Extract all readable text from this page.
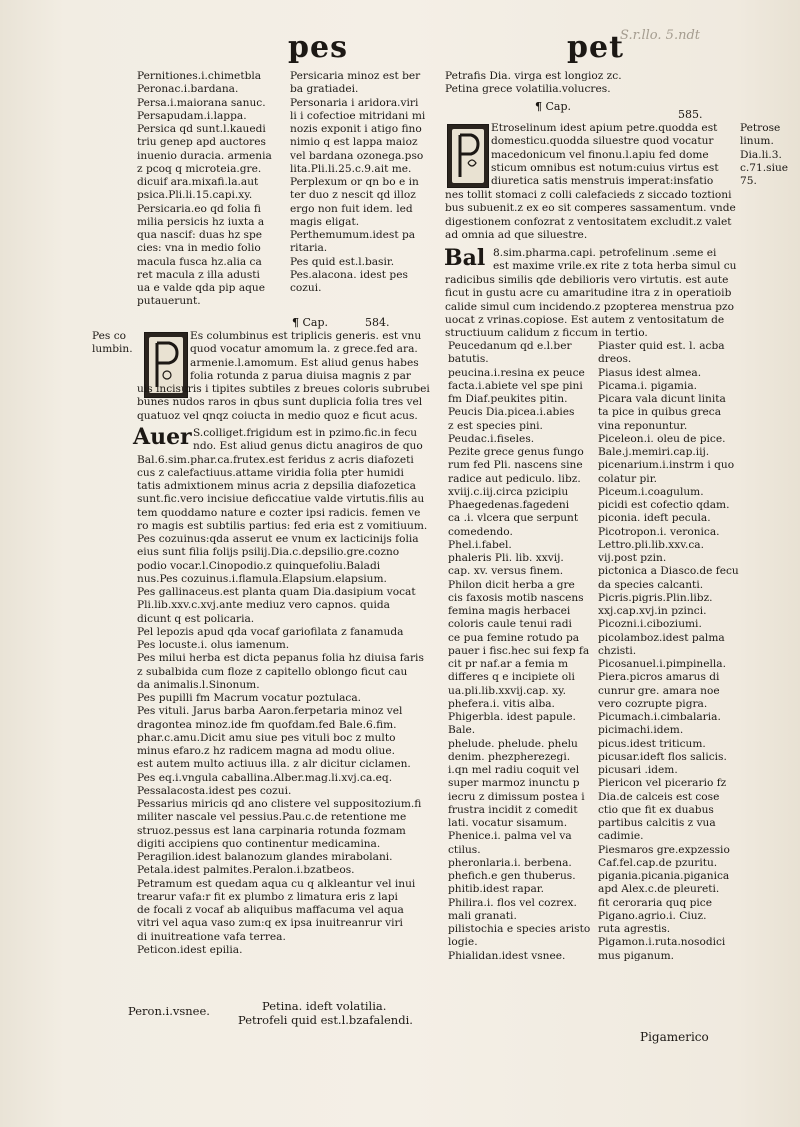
pes	pet
S.r.llo. 5.ndt
Pernitiones.i.chimetbla
Peronac.i.bardana.
Persa.i.maiorana sanuc.
Persapudam.i.lappa.
Persica qd sunt.l.kauedi
triu genep apd auctores
inuenio duracia. armenia
z pcoq q microteia.gre.
dicuif ara.mixafi.la.aut
psica.Pli.li.15.capi.xy.
Persicaria.eo qd folia fi
milia persicis hz iuxta a
qua nascif: duas hz spe
cies: vna in medio folio
macula fusca hz.alia ca
ret macula z illa adusti
ua e valde qda pip aque
putauerunt.
Persicaria minoz est ber
ba gratiadei.
Personaria i aridora.viri
li i cofectioe mitridani mi
nozis exponit i atigo fino
nimio q est lappa maioz
vel bardana ozonega.pso
lita.Pli.li.25.c.9.ait me.
Perplexum or qn bo e in
ter duo z nescit qd illoz
ergo non fuit idem. led
magis eligat.
Perthemumum.idest pa
ritaria.
Pes quid est.l.basir.
Pes.alacona. idest pes
cozui.
¶ Cap.	584.
Pes co
lumbin.
Es columbinus est triplicis generis. est vnu
quod vocatur amomum la. z grece.fed ara.
armenie.l.amomum. Est aliud genus habes
folia rotunda z parua diuisa magnis z par
uis incisuris i tipites subtiles z breues coloris subrubei
bunes nudos raros in qbus sunt duplicia folia tres vel
quatuoz vel qnqz coiucta in medio quoz e ficut acus.
Auer S.colliget.frigidum est in pzimo.fic.in fecu
ndo. Est aliud genus dictu anagiros de quo
Bal.6.sim.phar.ca.frutex.est feridus z acris diafozeti
cus z calefactiuus.attame viridia folia pter humidi
tatis admixtionem minus acria z depsilia diafozetica
sunt.fic.vero incisiue deficcatiue valde virtutis.filis au
tem quoddamo nature e cozter ipsi radicis. femen ve
ro magis est subtilis partius: fed eria est z vomitiuum.
Pes cozuinus:qda asserut ee vnum ex lacticinijs folia
eius sunt filia folijs psilij.Dia.c.depsilio.gre.cozno
podio vocar.l.Cinopodio.z quinquefoliu.Baladi
nus.Pes cozuinus.i.flamula.Elapsium.elapsium.
Pes gallinaceus.est planta quam Dia.dasipium vocat
Pli.lib.xxv.c.xvj.ante mediuz vero capnos. quida
dicunt q est policaria.
Pel lepozis apud qda vocaf gariofilata z fanamuda
Pes locuste.i. olus iamenum.
Pes milui herba est dicta pepanus folia hz diuisa faris
z subalbida cum floze z capitello oblongo ficut cau
da animalis.l.Sinonum.
Pes pupilli fm Macrum vocatur poztulaca.
Pes vituli. Jarus barba Aaron.ferpetaria minoz vel
dragontea minoz.ide fm quofdam.fed Bale.6.fim.
phar.c.amu.Dicit amu siue pes vituli boc z multo
minus efaro.z hz radicem magna ad modu oliue.
est autem multo actiuus illa. z alr dicitur ciclamen.
Pes eq.i.vngula caballina.Alber.mag.li.xvj.ca.eq.
Pessalacosta.idest pes cozui.
Pessarius miricis qd ano clistere vel suppositozium.fi
militer nascale vel pessius.Pau.c.de retentione me
struoz.pessus est lana carpinaria rotunda fozmam
digiti accipiens quo continentur medicamina.
Peragilion.idest balanozum glandes mirabolani.
Petala.idest palmites.Peralon.i.bzatbeos.
Petramum est quedam aqua cu q alkleantur vel inui
trearur vafa:r fit ex plumbo z limatura eris z lapi
de focali z vocaf ab aliquibus maffacuma vel aqua
vitri vel aqua vaso zum:q ex ipsa inuitreanrur viri
di inuitreatione vafa terrea.
Peticon.idest epilia.
Peron.i.vsnee.	Petina. ideft volatilia.
Petrofeli quid est.l.bzafalendi.
Petrafis Dia. virga est longioz zc.
Petina grece volatilia.volucres.
¶ Cap.
585.
Etroselinum idest apium petre.quodda est
domesticu.quodda siluestre quod vocatur
macedonicum vel finonu.l.apiu fed dome
sticum omnibus est notum:cuius virtus est
diuretica satis menstruis imperat:insfatio
Petrose
linum.
Dia.li.3.
c.71.siue
75.
nes tollit stomaci z colli calefacieds z siccado toztioni
bus subuenit.z ex eo sit comperes sassamentum. vnde
digestionem confozrat z ventositatem excludit.z valet
ad omnia ad que siluestre.
Bal 8.sim.pharma.capi. petrofelinum .seme ei
est maxime vrile.ex rite z tota herba simul cu
radicibus similis qde debilioris vero virtutis. est aute
ficut in gustu acre cu amaritudine itra z in operatioib
calide simul cum incidendo.z pzopterea menstrua pzo
uocat z vrinas.copiose. Est autem z ventositatum de
structiuum calidum z ficcum in tertio.
Peucedanum qd e.l.ber
batutis.
peucina.i.resina ex peuce
facta.i.abiete vel spe pini
fm Diaf.peukites pitin.
Peucis Dia.picea.i.abies
z est species pini.
Peudac.i.fiseles.
Pezite grece genus fungo
rum fed Pli. nascens sine
radice aut pediculo. libz.
xviij.c.iij.circa pzicipiu
Phaegedenas.fagedeni
ca .i. vlcera que serpunt
comedendo.
Phel.i.fabel.
phaleris Pli. lib. xxvij.
cap. xv. versus finem.
Philon dicit herba a gre
cis faxosis motib nascens
femina magis herbacei
coloris caule tenui radi
ce pua femine rotudo pa
pauer i fisc.hec sui fexp fa
cit pr naf.ar a femia m
differes q e incipiete oli
ua.pli.lib.xxvij.cap. xy.
phefera.i. vitis alba.
Phigerbla. idest papule.
Bale.
phelude. phelude. phelu
denim. phezpherezegi.
i.qn mel radiu coquit vel
super marmoz inunctu p
iecru z dimissum postea i
frustra incidit z comedit
lati. vocatur sisamum.
Phenice.i. palma vel va
ctilus.
pheronlaria.i. berbena.
phefich.e gen thuberus.
phitib.idest rapar.
Philira.i. flos vel cozrex.
mali granati.
pilistochia e species aristo
logie.
Phialidan.idest vsnee.
Piaster quid est. l. acba
dreos.
Piasus idest almea.
Picama.i. pigamia.
Picara vala dicunt linita
ta pice in quibus greca
vina reponuntur.
Piceleon.i. oleu de pice.
Bale.j.memiri.cap.iij.
picenarium.i.instrm i quo
colatur pir.
Piceum.i.coagulum.
picidi est cofectio qdam.
piconia. ideft pecula.
Picotropon.i. veronica.
Lettro.pli.lib.xxv.ca.
vij.post pzin.
pictonica a Diasco.de fecu
da species calcanti.
Picris.pigris.Plin.libz.
xxj.cap.xvj.in pzinci.
Picozni.i.ciboziumi.
picolamboz.idest palma
chzisti.
Picosanuel.i.pimpinella.
Piera.picros amarus di
cunrur gre. amara noe
vero cozrupte pigra.
Picumach.i.cimbalaria.
picimachi.idem.
picus.idest triticum.
picusar.ideft flos salicis.
picusari .idem.
Piericon vel picerario fz
Dia.de calceis est cose
ctio que fit ex duabus
partibus calcitis z vua
cadimie.
Piesmaros gre.expzessio
Caf.fel.cap.de pzuritu.
pigania.picania.piganica
apd Alex.c.de pleureti.
fit ceroraria quq pice
Pigano.agrio.i. Ciuz.
ruta agrestis.
Pigamon.i.ruta.nosodici
mus piganum.
Pigamerico
